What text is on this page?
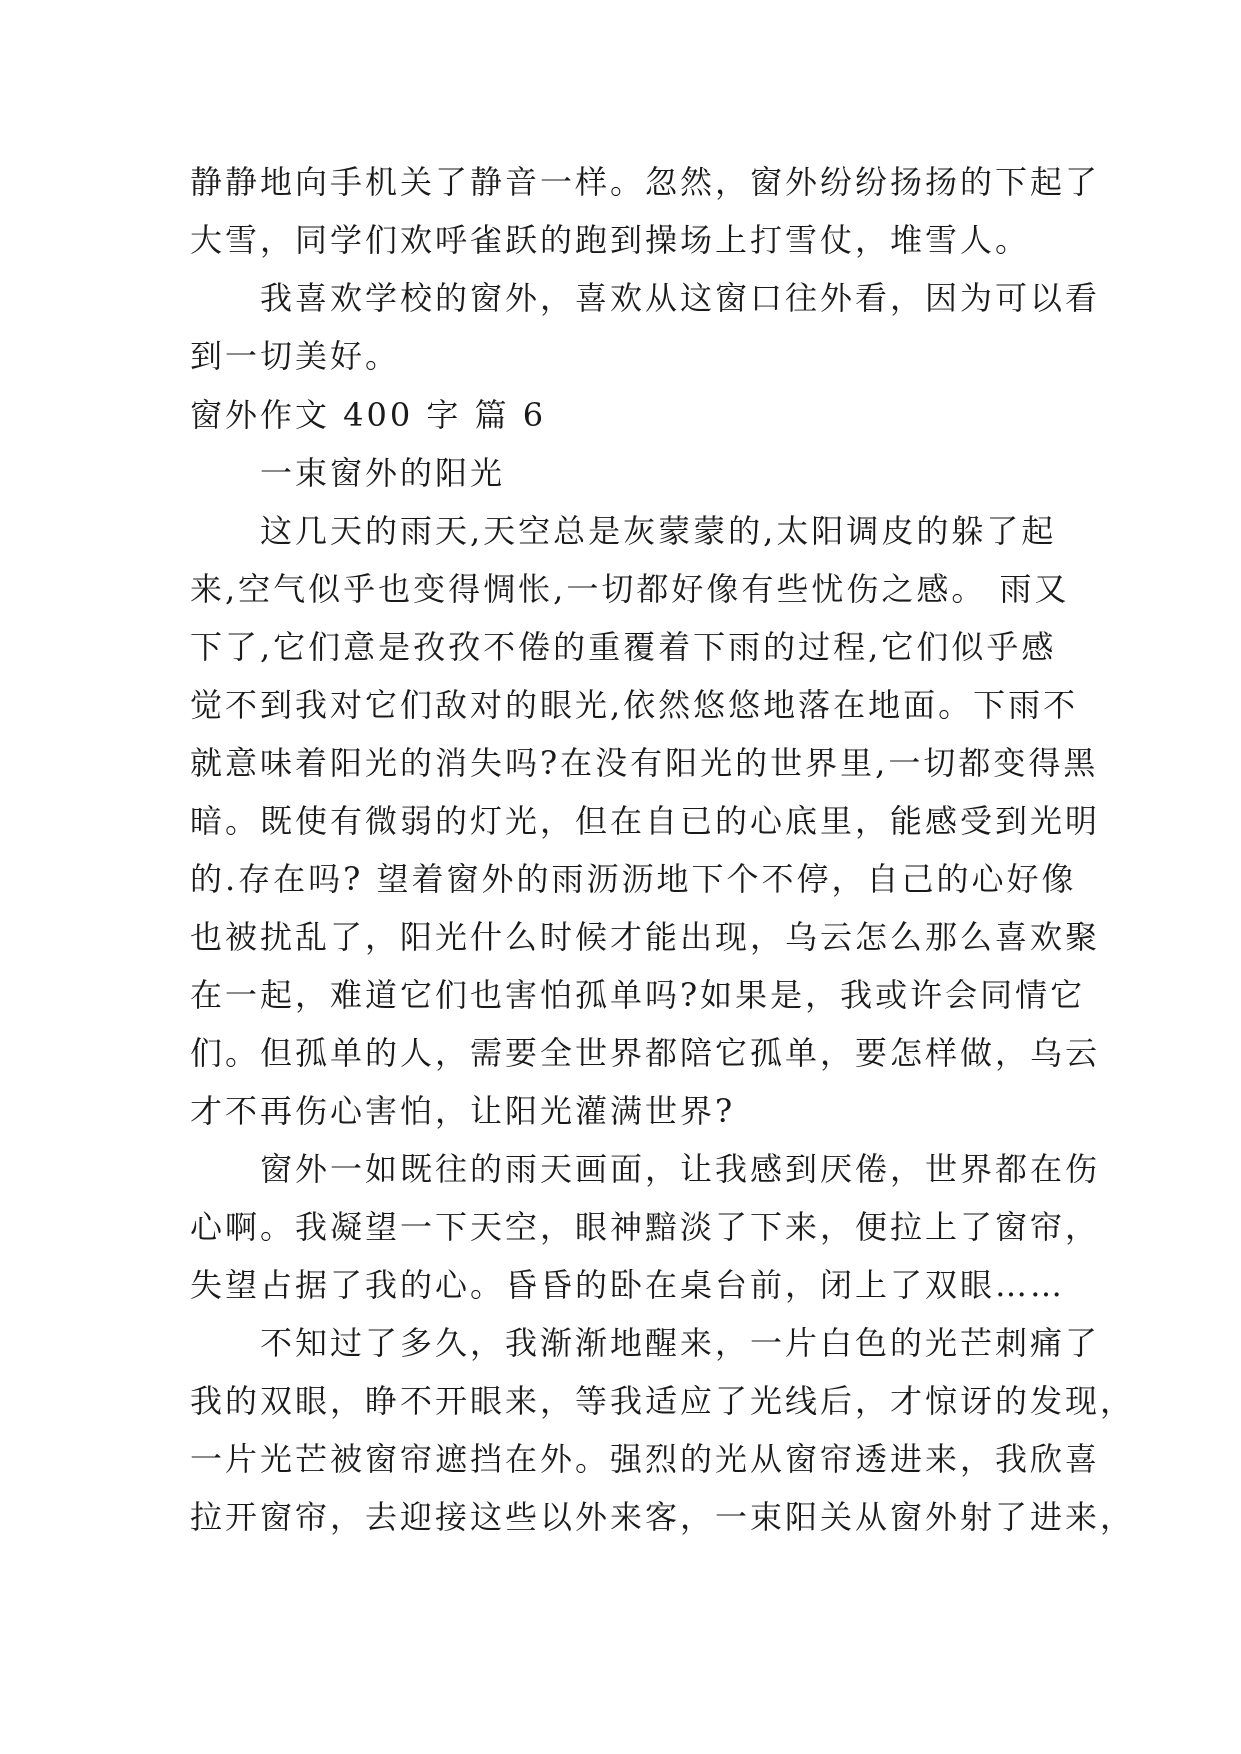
静静地向手机关了静音一样。忽然，窗外纷纷扬扬的下起了
大雪，同学们欢呼雀跃的跑到操场上打雪仗，堆雪人。
　　我喜欢学校的窗外，喜欢从这窗口往外看，因为可以看
到一切美好。
窗外作文 400 字 篇 6
　　一束窗外的阳光
　　这几天的雨天,天空总是灰蒙蒙的,太阳调皮的躲了起
来,空气似乎也变得惆怅,一切都好像有些忧伤之感。 雨又
下了,它们意是孜孜不倦的重覆着下雨的过程,它们似乎感
觉不到我对它们敌对的眼光,依然悠悠地落在地面。下雨不
就意味着阳光的消失吗?在没有阳光的世界里,一切都变得黑
暗。既使有微弱的灯光，但在自已的心底里，能感受到光明
的.存在吗? 望着窗外的雨沥沥地下个不停，自己的心好像
也被扰乱了，阳光什么时候才能出现，乌云怎么那么喜欢聚
在一起，难道它们也害怕孤单吗?如果是，我或许会同情它
们。但孤单的人，需要全世界都陪它孤单，要怎样做，乌云
才不再伤心害怕，让阳光灌满世界?
　　窗外一如既往的雨天画面，让我感到厌倦，世界都在伤
心啊。我凝望一下天空，眼神黯淡了下来，便拉上了窗帘，
失望占据了我的心。昏昏的卧在桌台前，闭上了双眼……
　　不知过了多久，我渐渐地醒来，一片白色的光芒刺痛了
我的双眼，睁不开眼来，等我适应了光线后，才惊讶的发现，
一片光芒被窗帘遮挡在外。强烈的光从窗帘透进来，我欣喜
拉开窗帘，去迎接这些以外来客，一束阳关从窗外射了进来，
